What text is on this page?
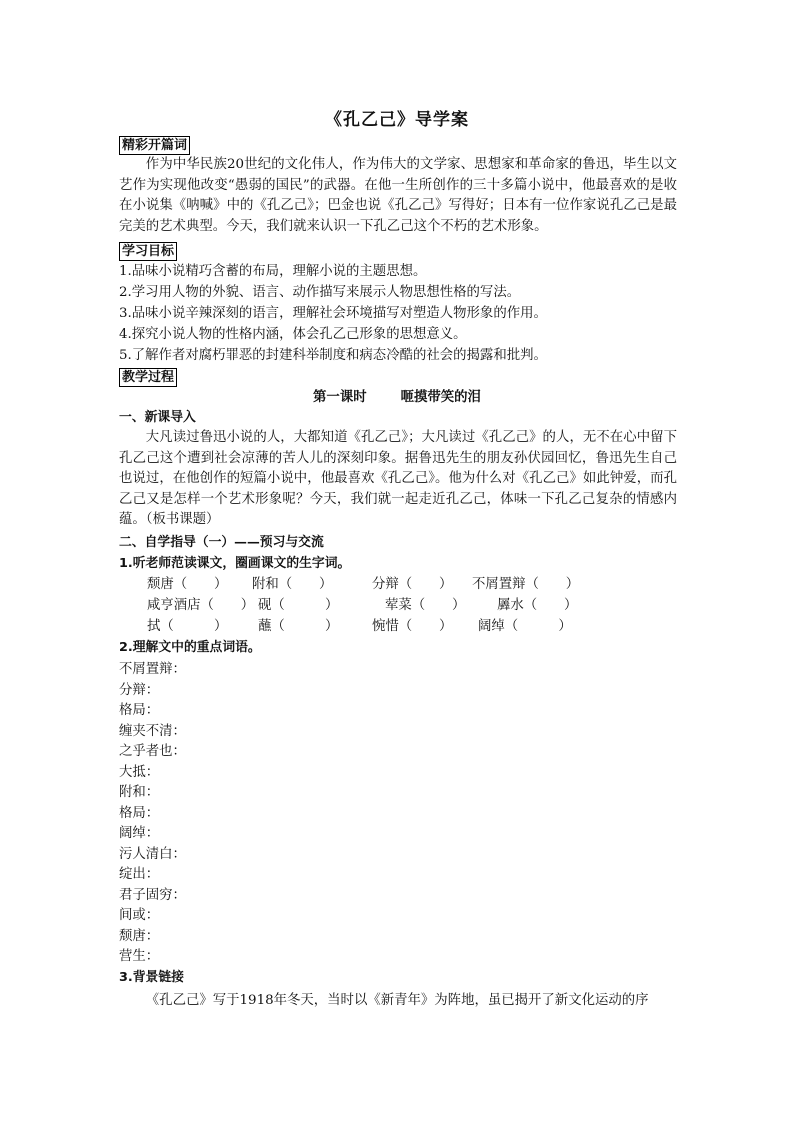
《孔乙己》导学案
精彩开篇词
作为中华民族20世纪的文化伟人，作为伟大的文学家、思想家和革命家的鲁迅，毕生以文艺作为实现他改变“愚弱的国民”的武器。在他一生所创作的三十多篇小说中，他最喜欢的是收在小说集《呐喊》中的《孔乙己》；巴金也说《孔乙己》写得好；日本有一位作家说孔乙己是最完美的艺术典型。今天，我们就来认识一下孔乙己这个不朽的艺术形象。
学习目标
1.品味小说精巧含蓄的布局，理解小说的主题思想。
2.学习用人物的外貌、语言、动作描写来展示人物思想性格的写法。
3.品味小说辛辣深刻的语言，理解社会环境描写对塑造人物形象的作用。
4.探究小说人物的性格内涵，体会孔乙己形象的思想意义。
5.了解作者对腐朽罪恶的封建科举制度和病态冷酷的社会的揭露和批判。
教学过程
第一课时	咂摸带笑的泪
一、新课导入
大凡读过鲁迅小说的人，大都知道《孔乙己》；大凡读过《孔乙己》的人，无不在心中留下孔乙己这个遭到社会凉薄的苦人儿的深刻印象。据鲁迅先生的朋友孙伏园回忆，鲁迅先生自己也说过，在他创作的短篇小说中，他最喜欢《孔乙己》。他为什么对《孔乙己》如此钟爱，而孔乙己又是怎样一个艺术形象呢？今天，我们就一起走近孔乙己，体味一下孔乙己复杂的情感内蕴。（板书课题）
二、自学指导（一）——预习与交流
1.听老师范读课文，圈画课文的生字词。
颓唐（　　） 附和（　　）	分辩（　　） 不屑置辩（　　）
咸亨酒店（　　） 砚（　　　）	荤菜（　　） 羼水（　　）
拭（　　　） 蘸（　　　）	惋惜（　　） 阔绰（　　　）
2.理解文中的重点词语。
不屑置辩：
分辩：
格局：
缠夹不清：
之乎者也：
大抵：
附和：
格局：
阔绰：
污人清白：
绽出：
君子固穷：
间或：
颓唐：
营生：
3.背景链接
《孔乙己》写于1918年冬天，当时以《新青年》为阵地，虽已揭开了新文化运动的序
